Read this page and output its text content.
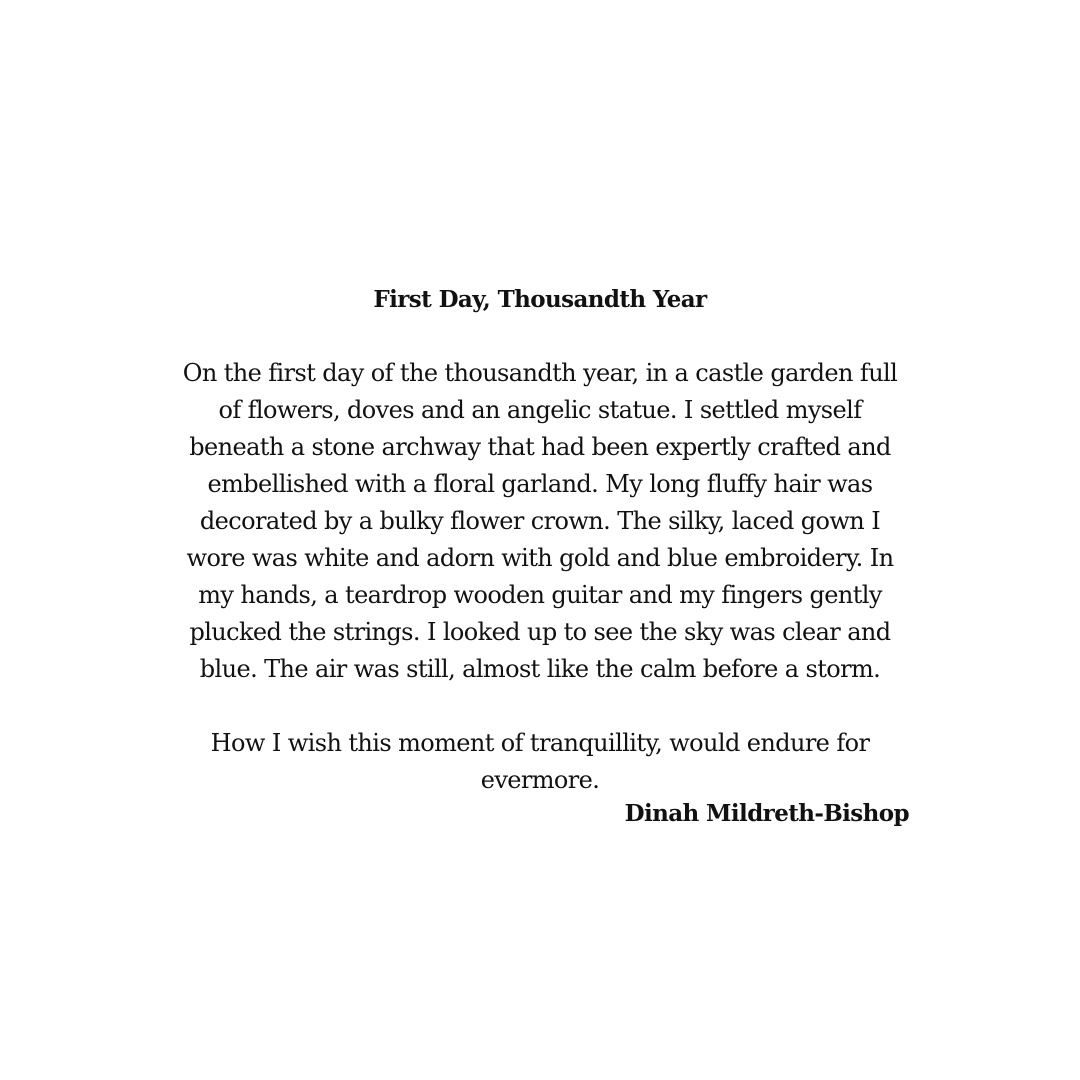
First Day, Thousandth Year
On the first day of the thousandth year, in a castle garden full
of flowers, doves and an angelic statue. I settled myself
beneath a stone archway that had been expertly crafted and
embellished with a floral garland. My long fluffy hair was
decorated by a bulky flower crown. The silky, laced gown I
wore was white and adorn with gold and blue embroidery. In
my hands, a teardrop wooden guitar and my fingers gently
plucked the strings. I looked up to see the sky was clear and
blue. The air was still, almost like the calm before a storm.
How I wish this moment of tranquillity, would endure for
evermore.
Dinah Mildreth-Bishop
